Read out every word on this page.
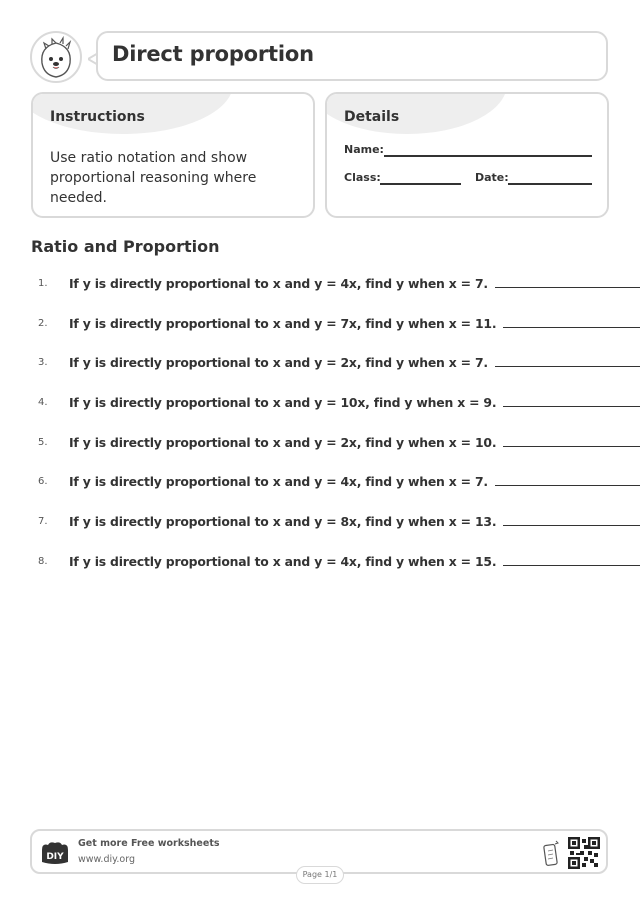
Direct proportion
Instructions
Use ratio notation and show proportional reasoning where needed.
Details
Name:
Class:	Date:
Ratio and Proportion
1.	If y is directly proportional to x and y = 4x, find y when x = 7.
2.	If y is directly proportional to x and y = 7x, find y when x = 11.
3.	If y is directly proportional to x and y = 2x, find y when x = 7.
4.	If y is directly proportional to x and y = 10x, find y when x = 9.
5.	If y is directly proportional to x and y = 2x, find y when x = 10.
6.	If y is directly proportional to x and y = 4x, find y when x = 7.
7.	If y is directly proportional to x and y = 8x, find y when x = 13.
8.	If y is directly proportional to x and y = 4x, find y when x = 15.
DIY
Get more Free worksheets
www.diy.org
Page 1/1
